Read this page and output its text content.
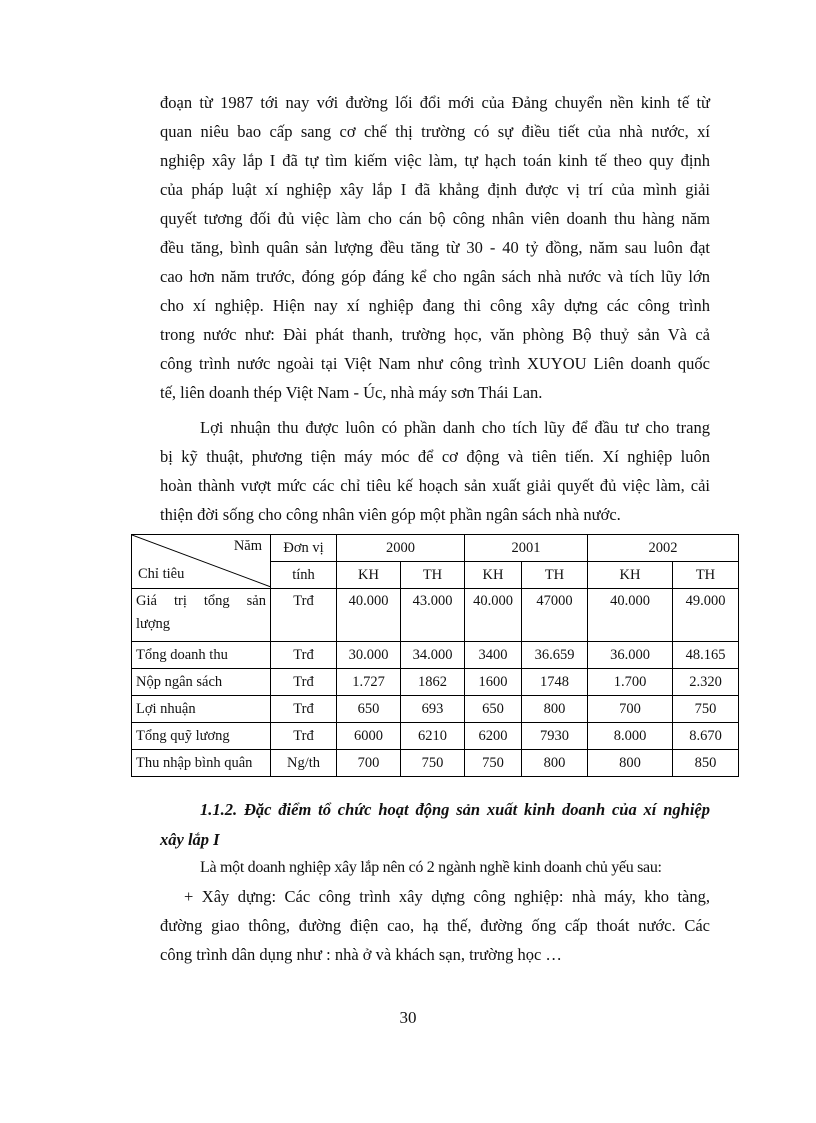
đoạn từ 1987 tới nay với đường lối đổi mới của Đảng chuyển nền kinh tế từ
quan niêu bao cấp sang cơ chế thị trường có sự điều tiết của nhà nước, xí
nghiệp xây lắp I đã tự tìm kiếm việc làm, tự hạch toán kinh tế theo quy định
của pháp luật xí nghiệp xây lắp I đã khẳng định được vị trí của mình giải
quyết tương đối đủ việc làm cho cán bộ công nhân viên doanh thu hàng năm
đều tăng, bình quân sản lượng đều tăng từ 30 - 40 tỷ đồng, năm sau luôn đạt
cao hơn năm trước, đóng góp đáng kể cho ngân sách nhà nước và tích lũy lớn
cho xí nghiệp. Hiện nay xí nghiệp đang thi công xây dựng các công trình
trong nước như: Đài phát thanh, trường học, văn phòng Bộ thuỷ sản Và cả
công trình nước ngoài tại Việt Nam như công trình XUYOU Liên doanh quốc
tế, liên doanh thép Việt Nam - Úc, nhà máy sơn Thái Lan.
Lợi nhuận thu được luôn có phần danh cho tích lũy để đầu tư cho trang
bị kỹ thuật, phương tiện máy móc để cơ động và tiên tiến. Xí nghiệp luôn
hoàn thành vượt mức các chỉ tiêu kế hoạch sản xuất giải quyết đủ việc làm, cải
thiện đời sống cho công nhân viên góp một phần ngân sách nhà nước.
Năm
Chỉ tiêu	Đơn vị	2000		2001		2002	
	tính	KH	TH	KH	TH	KH	TH

Giá trị tổng sản
lượng	Trđ	40.000	43.000	40.000	47000	40.000	49.000
Tổng doanh thu	Trđ	30.000	34.000	3400	36.659	36.000	48.165
Nộp ngân sách	Trđ	1.727	1862	1600	1748	1.700	2.320
Lợi nhuận	Trđ	650	693	650	800	700	750
Tổng quỹ lương	Trđ	6000	6210	6200	7930	8.000	8.670
Thu nhập bình quân	Ng/th	700	750	750	800	800	850
1.1.2. Đặc điểm tổ chức hoạt động sản xuất kinh doanh của xí nghiệp
xây lắp I
Là một doanh nghiệp xây lắp nên có 2 ngành nghề kinh doanh chủ yếu sau:
+ Xây dựng: Các công trình xây dựng công nghiệp: nhà máy, kho tàng,
đường giao thông, đường điện cao, hạ thế, đường ống cấp thoát nước. Các
công trình dân dụng như : nhà ở và khách sạn, trường học …
30
